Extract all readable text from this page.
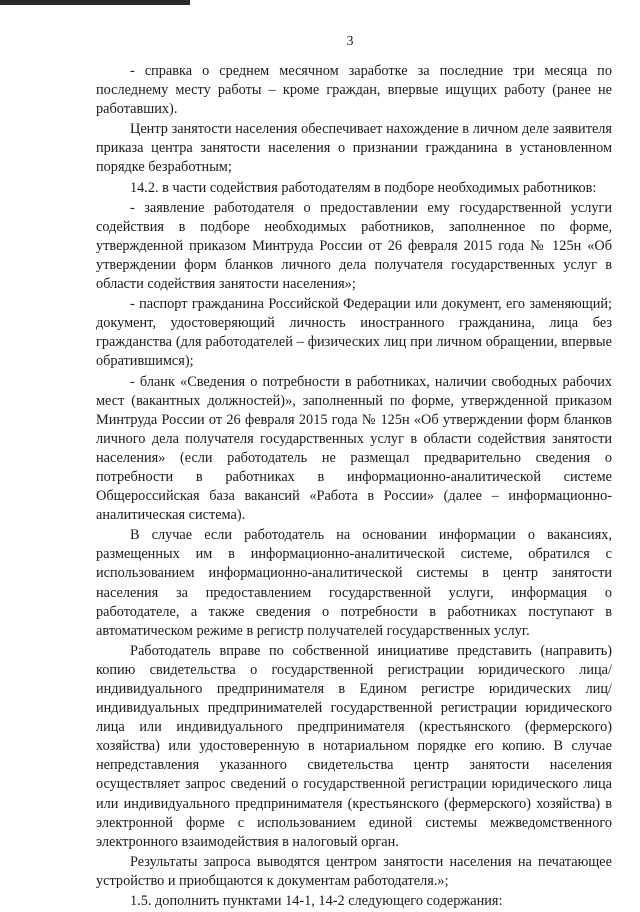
3

- справка о среднем месячном заработке за последние три месяца по последнему месту работы – кроме граждан, впервые ищущих работу (ранее не работавших).

Центр занятости населения обеспечивает нахождение в личном деле заявителя приказа центра занятости населения о признании гражданина в установленном порядке безработным;

14.2. в части содействия работодателям в подборе необходимых работников:

- заявление работодателя о предоставлении ему государственной услуги содействия в подборе необходимых работников, заполненное по форме, утвержденной приказом Минтруда России от 26 февраля 2015 года № 125н «Об утверждении форм бланков личного дела получателя государственных услуг в области содействия занятости населения»;

- паспорт гражданина Российской Федерации или документ, его заменяющий; документ, удостоверяющий личность иностранного гражданина, лица без гражданства (для работодателей – физических лиц при личном обращении, впервые обратившимся);

- бланк «Сведения о потребности в работниках, наличии свободных рабочих мест (вакантных должностей)», заполненный по форме, утвержденной приказом Минтруда России от 26 февраля 2015 года № 125н «Об утверждении форм бланков личного дела получателя государственных услуг в области содействия занятости населения» (если работодатель не размещал предварительно сведения о потребности в работниках в информационно-аналитической системе Общероссийская база вакансий «Работа в России» (далее – информационно-аналитическая система).

В случае если работодатель на основании информации о вакансиях, размещенных им в информационно-аналитической системе, обратился с использованием информационно-аналитической системы в центр занятости населения за предоставлением государственной услуги, информация о работодателе, а также сведения о потребности в работниках поступают в автоматическом режиме в регистр получателей государственных услуг.

Работодатель вправе по собственной инициативе представить (направить) копию свидетельства о государственной регистрации юридического лица/индивидуального предпринимателя в Едином регистре юридических лиц/индивидуальных предпринимателей государственной регистрации юридического лица или индивидуального предпринимателя (крестьянского (фермерского) хозяйства) или удостоверенную в нотариальном порядке его копию. В случае непредставления указанного свидетельства центр занятости населения осуществляет запрос сведений о государственной регистрации юридического лица или индивидуального предпринимателя (крестьянского (фермерского) хозяйства) в электронной форме с использованием единой системы межведомственного электронного взаимодействия в налоговый орган.

Результаты запроса выводятся центром занятости населения на печатающее устройство и приобщаются к документам работодателя.»;

1.5. дополнить пунктами 14-1, 14-2 следующего содержания:
